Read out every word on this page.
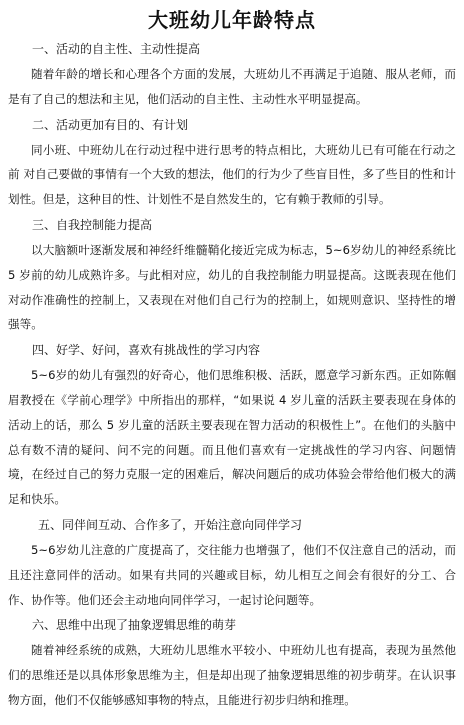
大班幼儿年龄特点
一、活动的自主性、主动性提高

随着年龄的增长和心理各个方面的发展，大班幼儿不再满足于追随、服从老师，而是有了自己的想法和主见，他们活动的自主性、主动性水平明显提高。

二、活动更加有目的、有计划

同小班、中班幼儿在行动过程中进行思考的特点相比，大班幼儿已有可能在行动之前 对自己要做的事情有一个大致的想法，他们的行为少了些盲目性，多了些目的性和计划性。但是，这种目的性、计划性不是自然发生的，它有赖于教师的引导。

三、自我控制能力提高

以大脑额叶逐渐发展和神经纤维髓鞘化接近完成为标志，5~6岁幼儿的神经系统比 5 岁前的幼儿成熟许多。与此相对应，幼儿的自我控制能力明显提高。这既表现在他们对动作准确性的控制上，又表现在对他们自己行为的控制上，如规则意识、坚持性的增强等。

四、好学、好问，喜欢有挑战性的学习内容

5~6岁的幼儿有强烈的好奇心，他们思维积极、活跃，愿意学习新东西。正如陈帼眉教授在《学前心理学》中所指出的那样，“如果说 4 岁儿童的活跃主要表现在身体的活动上的话，那么 5 岁儿童的活跃主要表现在智力活动的积极性上”。在他们的头脑中总有数不清的疑问、问不完的问题。而且他们喜欢有一定挑战性的学习内容、问题情境，在经过自己的努力克服一定的困难后，解决问题后的成功体验会带给他们极大的满足和快乐。

五、同伴间互动、合作多了，开始注意向同伴学习

5~6岁幼儿注意的广度提高了，交往能力也增强了，他们不仅注意自己的活动，而且还注意同伴的活动。如果有共同的兴趣或目标，幼儿相互之间会有很好的分工、合作、协作等。他们还会主动地向同伴学习，一起讨论问题等。

六、思维中出现了抽象逻辑思维的萌芽

随着神经系统的成熟，大班幼儿思维水平较小、中班幼儿也有提高，表现为虽然他们的思维还是以具体形象思维为主，但是却出现了抽象逻辑思维的初步萌芽。在认识事物方面，他们不仅能够感知事物的特点，且能进行初步归纳和推理。
